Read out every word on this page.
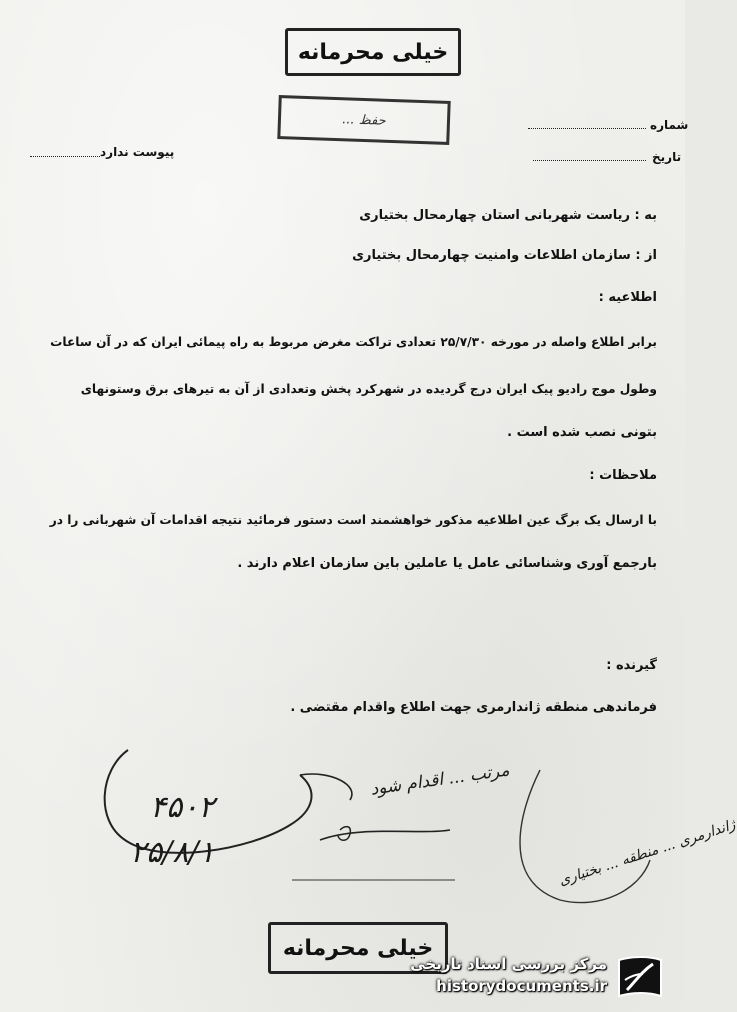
خیلی محرمانه
حفظ ...	شماره
تاریخ
پیوست ندارد
به : ریاست شهربانی استان چهارمحال بختیاری
از : سازمان اطلاعات وامنیت چهارمحال بختیاری
اطلاعیه :
برابر اطلاع واصله در مورخه ۲۵/۷/۳۰ تعدادی تراکت مغرض مربوط به راه پیمائی ایران که در آن ساعات
وطول موج رادیو پیک ایران درج گردیده در شهرکرد پخش وتعدادی از آن به تیرهای برق وستونهای
بتونی نصب شده است .
ملاحظات :
با ارسال یک برگ عین اطلاعیه مذکور خواهشمند است دستور فرمائید نتیجه اقدامات آن شهربانی را در
بارجمع آوری وشناسائی عامل یا عاملین باین سازمان اعلام دارند .
گیرنده :
فرماندهی منطقه ژاندارمری جهت اطلاع واقدام مقتضی .
۴۵۰۲
۲۵/۸/۱
مرتب ... اقدام شود
ژاندارمری ... منطقه ... بختیاری
خیلی محرمانه
مرکز بررسی اسناد تاریخی
historydocuments.ir
